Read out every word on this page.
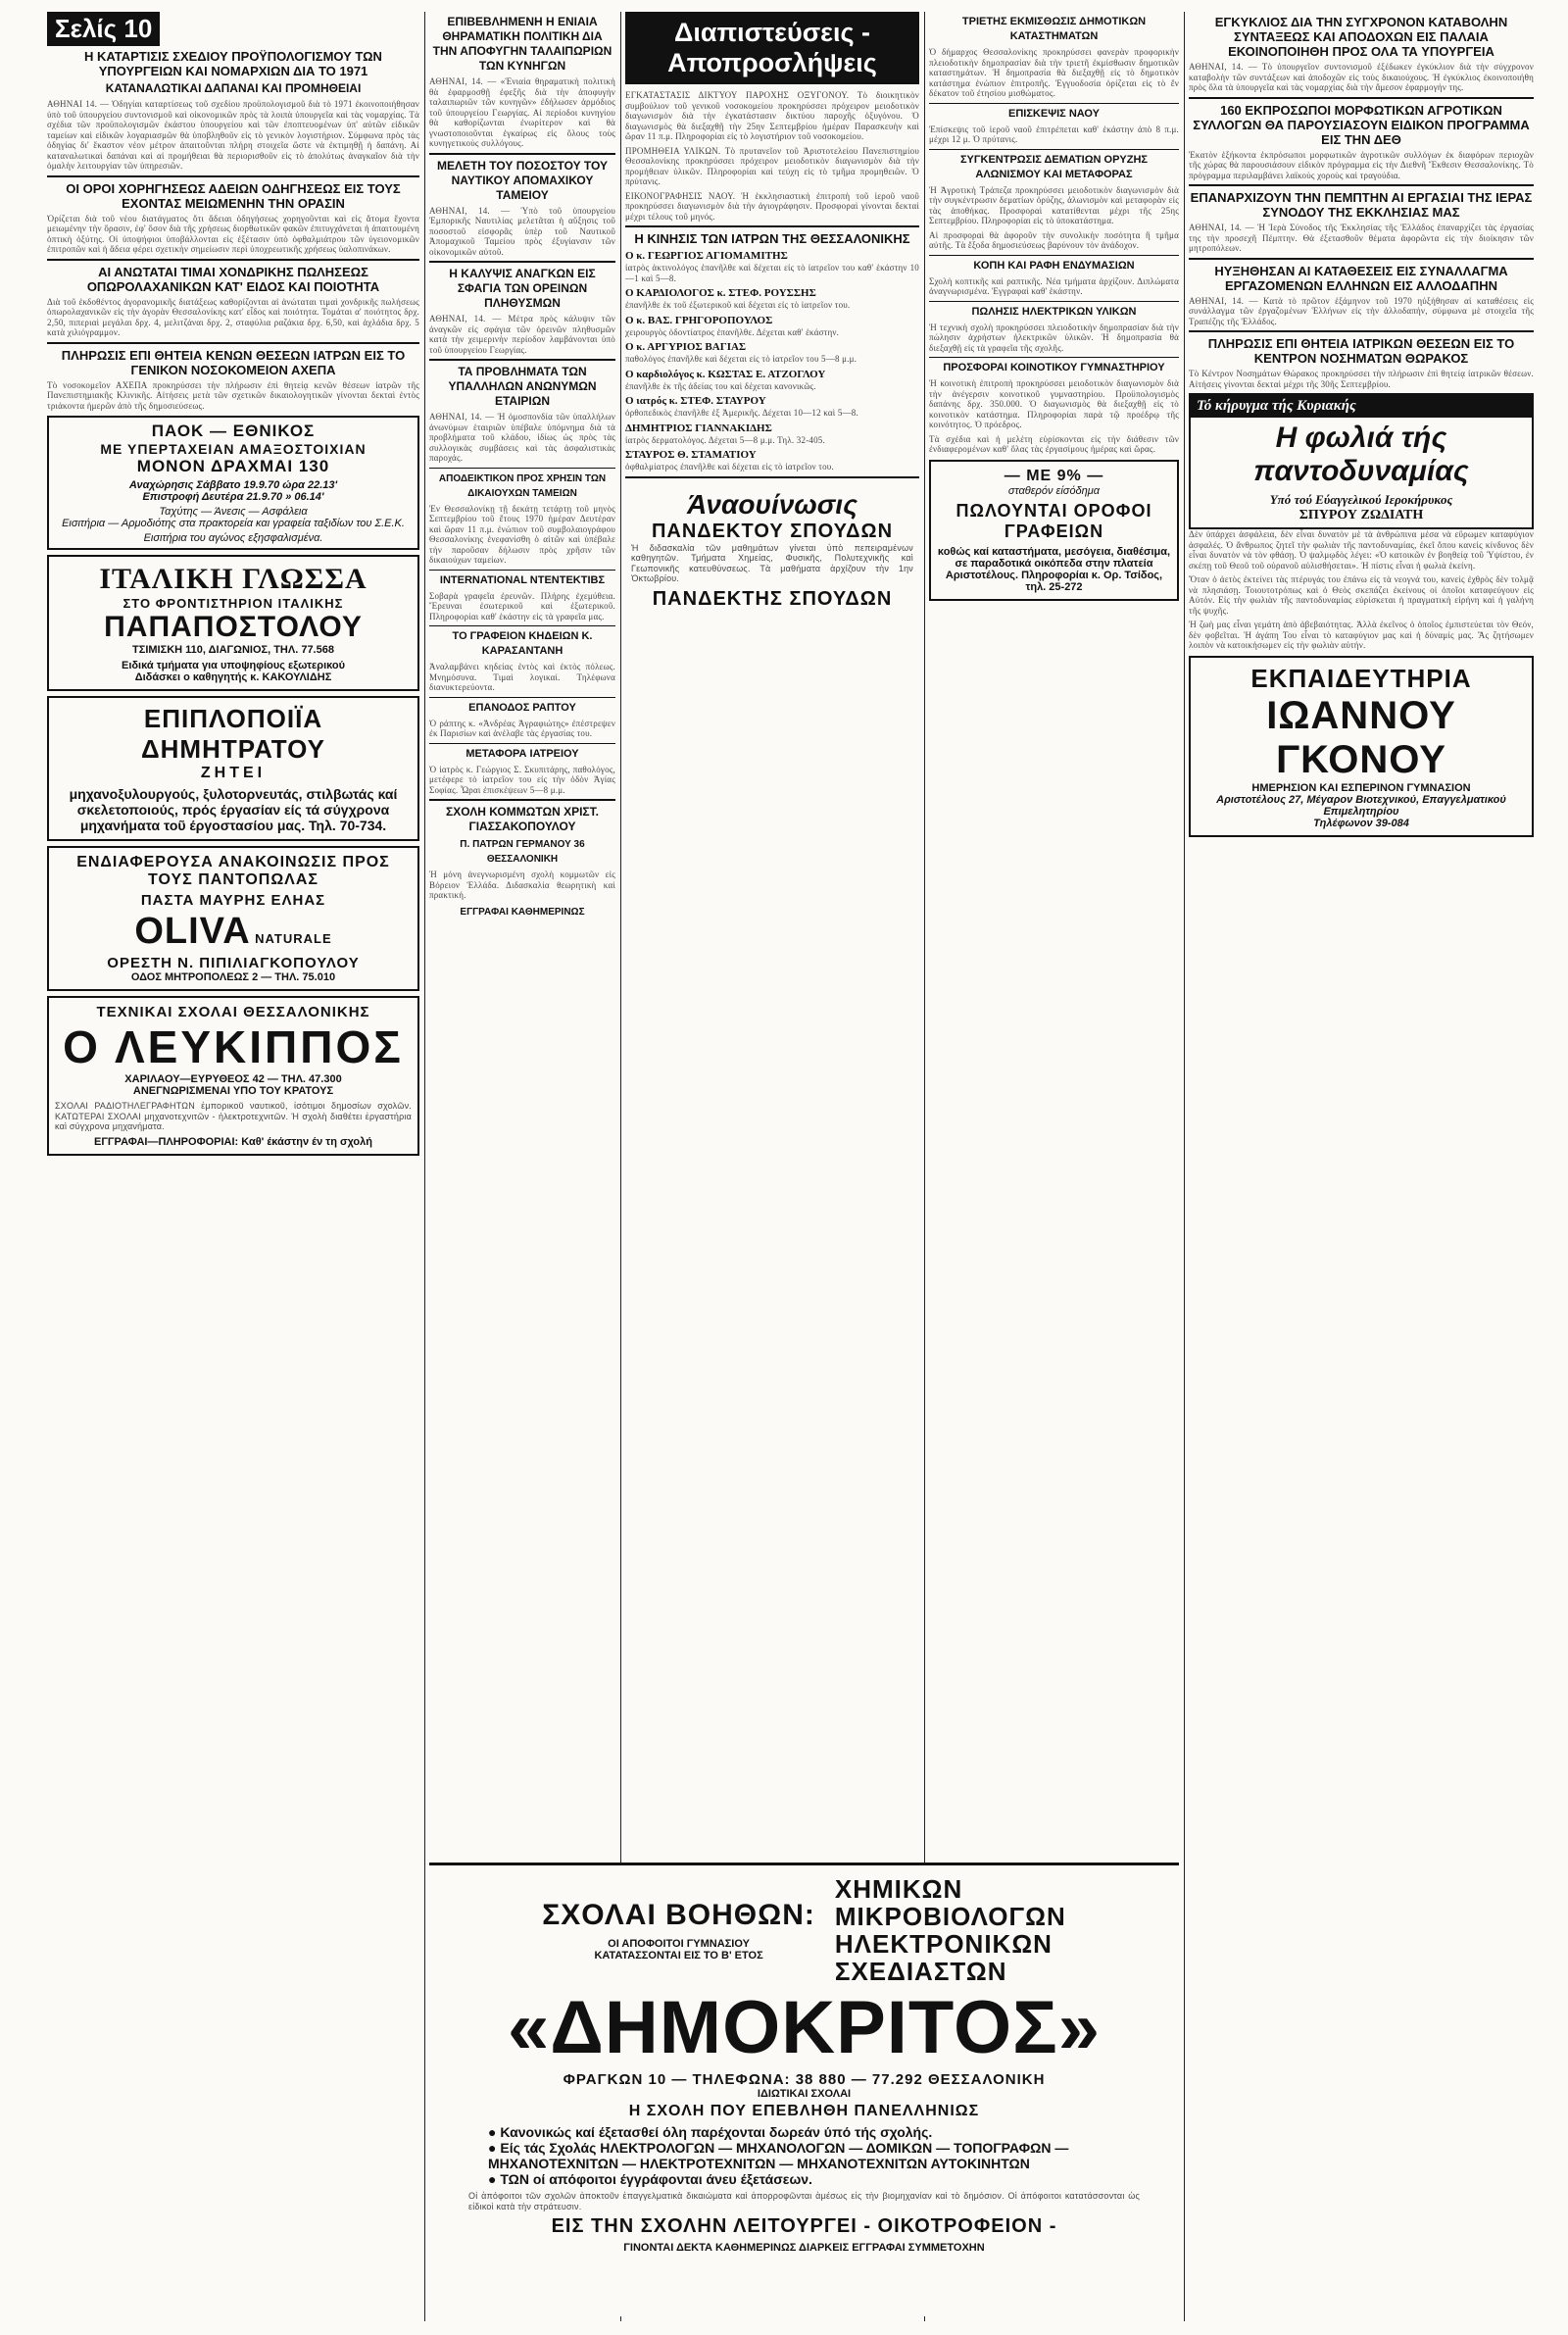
Σελίς 10
Η ΚΑΤΑΡΤΙΣΙΣ ΣΧΕΔΙΟΥ ΠΡΟΫΠΟΛΟΓΙΣΜΟΥ ΤΩΝ ΥΠΟΥΡΓΕΙΩΝ ΚΑΙ ΝΟΜΑΡΧΙΩΝ ΔΙΑ ΤΟ 1971
ΚΑΤΑΝΑΛΩΤΙΚΑΙ ΔΑΠΑΝΑΙ ΚΑΙ ΠΡΟΜΗΘΕΙΑΙ

ΑΘΗΝΑΙ 14. — Ὁδηγίαι καταρτίσεως τοῦ σχεδίου προϋπολογισμοῦ διὰ τὸ 1971 ἐκοινοποιήθησαν ὑπὸ τοῦ ὑπουργείου συντονισμοῦ καὶ οἰκονομικῶν πρὸς τὰ λοιπὰ ὑπουργεῖα καὶ τὰς νομαρχίας. Τὰ σχέδια τῶν προϋπολογισμῶν ἐκάστου ὑπουργείου καὶ τῶν ἐποπτευομένων ὑπ' αὐτῶν εἰδικῶν ταμείων καὶ εἰδικῶν λογαριασμῶν θὰ ὑποβληθοῦν εἰς τὸ γενικὸν λογιστήριον. Σύμφωνα πρὸς τὰς ὁδηγίας δι' ἕκαστον νέον μέτρον ἀπαιτοῦνται πλήρη στοιχεῖα ὥστε νὰ ἐκτιμηθῇ ἡ δαπάνη. Αἱ καταναλωτικαὶ δαπάναι καὶ αἱ προμήθειαι θὰ περιορισθοῦν εἰς τὸ ἀπολύτως ἀναγκαῖον διὰ τὴν ὁμαλὴν λειτουργίαν τῶν ὑπηρεσιῶν.

ΟΙ ΟΡΟΙ ΧΟΡΗΓΗΣΕΩΣ ΑΔΕΙΩΝ ΟΔΗΓΗΣΕΩΣ ΕΙΣ ΤΟΥΣ ΕΧΟΝΤΑΣ ΜΕΙΩΜΕΝΗΝ ΤΗΝ ΟΡΑΣΙΝ

Ὁρίζεται διὰ τοῦ νέου διατάγματος ὅτι ἄδειαι ὁδηγήσεως χορηγοῦνται καὶ εἰς ἄτομα ἔχοντα μειωμένην τὴν ὅρασιν, ἐφ' ὅσον διὰ τῆς χρήσεως διορθωτικῶν φακῶν ἐπιτυγχάνεται ἡ ἀπαιτουμένη ὀπτικὴ ὀξύτης. Οἱ ὑποψήφιοι ὑποβάλλονται εἰς ἐξέτασιν ὑπὸ ὀφθαλμιάτρου τῶν ὑγειονομικῶν ἐπιτροπῶν καὶ ἡ ἄδεια φέρει σχετικὴν σημείωσιν περὶ ὑποχρεωτικῆς χρήσεως ὑαλοπινάκων.

ΑΙ ΑΝΩΤΑΤΑΙ ΤΙΜΑΙ ΧΟΝΔΡΙΚΗΣ ΠΩΛΗΣΕΩΣ ΟΠΩΡΟΛΑΧΑΝΙΚΩΝ ΚΑΤ' ΕΙΔΟΣ ΚΑΙ ΠΟΙΟΤΗΤΑ

Διὰ τοῦ ἐκδοθέντος ἀγορανομικῆς διατάξεως καθορίζονται αἱ ἀνώταται τιμαὶ χονδρικῆς πωλήσεως ὀπωρολαχανικῶν εἰς τὴν ἀγορὰν Θεσσαλονίκης κατ' εἶδος καὶ ποιότητα. Τομάται α' ποιότητος δρχ. 2,50, πιπεριαὶ μεγάλαι δρχ. 4, μελιτζάναι δρχ. 2, σταφύλια ραζάκια δρχ. 6,50, καὶ ἀχλάδια δρχ. 5 κατὰ χιλιόγραμμον.

ΠΛΗΡΩΣΙΣ ΕΠΙ ΘΗΤΕΙΑ ΚΕΝΩΝ ΘΕΣΕΩΝ ΙΑΤΡΩΝ ΕΙΣ ΤΟ ΓΕΝΙΚΟΝ ΝΟΣΟΚΟΜΕΙΟΝ ΑΧΕΠΑ

Τὸ νοσοκομεῖον ΑΧΕΠΑ προκηρύσσει τὴν πλήρωσιν ἐπὶ θητείᾳ κενῶν θέσεων ἰατρῶν τῆς Πανεπιστημιακῆς Κλινικῆς. Αἰτήσεις μετὰ τῶν σχετικῶν δικαιολογητικῶν γίνονται δεκταὶ ἐντὸς τριάκοντα ἡμερῶν ἀπὸ τῆς δημοσιεύσεως.

ΠΑΟΚ — ΕΘΝΙΚΟΣ
ΜΕ ΥΠΕΡΤΑΧΕΙΑΝ ΑΜΑΞΟΣΤΟΙΧΙΑΝ
ΜΟΝΟΝ ΔΡΑΧΜΑΙ 130
Αναχώρησις Σάββατο 19.9.70 ώρα 22.13'
Επιστροφή Δευτέρα 21.9.70 » 06.14'
Ταχύτης — Άνεσις — Ασφάλεια
Εισιτήρια — Αρμοδιότης στα πρακτορεία και γραφεία ταξιδίων του Σ.Ε.Κ.
Εισιτήρια του αγώνος εξησφαλισμένα.
ΙΤΑΛΙΚΗ ΓΛΩΣΣΑ
ΣΤΟ ΦΡΟΝΤΙΣΤΗΡΙΟΝ ΙΤΑΛΙΚΗΣ
ΠΑΠΑΠΟΣΤΟΛΟΥ
ΤΣΙΜΙΣΚΗ 110, ΔΙΑΓΩΝΙΟΣ, ΤΗΛ. 77.568
Ειδικά τμήματα για υποψηφίους εξωτερικού
Διδάσκει ο καθηγητής κ. ΚΑΚΟΥΛΙΔΗΣ
ΕΠΙΠΛΟΠΟΙΪΑ ΔΗΜΗΤΡΑΤΟΥ
ΖΗΤΕΙ
μηχανοξυλουργούς, ξυλοτορνευτάς, στιλβωτάς καί σκελετοποιούς, πρός έργασίαν είς τά σύγχρονα μηχανήματα τοῦ έργοστασίου μας. Τηλ. 70-734.
ΕΝΔΙΑΦΕΡΟΥΣΑ ΑΝΑΚΟΙΝΩΣΙΣ ΠΡΟΣ ΤΟΥΣ ΠΑΝΤΟΠΩΛΑΣ
ΠΑΣΤΑ ΜΑΥΡΗΣ ΕΛΗΑΣ
OLIVA NATURALE
ΟΡΕΣΤΗ Ν. ΠΙΠΙΛΙΑΓΚΟΠΟΥΛΟΥ
ΟΔΟΣ ΜΗΤΡΟΠΟΛΕΩΣ 2 — ΤΗΛ. 75.010
ΤΕΧΝΙΚΑΙ ΣΧΟΛΑΙ ΘΕΣΣΑΛΟΝΙΚΗΣ
Ο ΛΕΥΚΙΠΠΟΣ
ΧΑΡΙΛΑΟΥ—ΕΥΡΥΘΕΟΣ 42 — ΤΗΛ. 47.300
ΑΝΕΓΝΩΡΙΣΜΕΝΑΙ ΥΠΟ ΤΟΥ ΚΡΑΤΟΥΣ

ΣΧΟΛΑΙ ΡΑΔΙΟΤΗΛΕΓΡΑΦΗΤΩΝ ἐμπορικοῦ ναυτικοῦ, ἰσότιμοι δημοσίων σχολῶν. ΚΑΤΩΤΕΡΑΙ ΣΧΟΛΑΙ μηχανοτεχνιτῶν - ἠλεκτροτεχνιτῶν. Ἡ σχολὴ διαθέτει ἐργαστήρια καὶ σύγχρονα μηχανήματα.

ΕΓΓΡΑΦΑΙ—ΠΛΗΡΟΦΟΡΙΑΙ: Καθ' έκάστην έν τη σχολή
ΕΠΙΒΕΒΛΗΜΕΝΗ Η ΕΝΙΑΙΑ ΘΗΡΑΜΑΤΙΚΗ ΠΟΛΙΤΙΚΗ ΔΙΑ ΤΗΝ ΑΠΟΦΥΓΗΝ ΤΑΛΑΙΠΩΡΙΩΝ ΤΩΝ ΚΥΝΗΓΩΝ

ΑΘΗΝΑΙ, 14. — «Ἑνιαία θηραματικὴ πολιτικὴ θὰ ἐφαρμοσθῇ ἐφεξῆς διὰ τὴν ἀποφυγὴν ταλαιπωριῶν τῶν κυνηγῶν» ἐδήλωσεν ἁρμόδιος τοῦ ὑπουργείου Γεωργίας. Αἱ περίοδοι κυνηγίου θὰ καθορίζωνται ἐνωρίτερον καὶ θὰ γνωστοποιοῦνται ἐγκαίρως εἰς ὅλους τοὺς κυνηγετικοὺς συλλόγους.

ΜΕΛΕΤΗ ΤΟΥ ΠΟΣΟΣΤΟΥ ΤΟΥ ΝΑΥΤΙΚΟΥ ΑΠΟΜΑΧΙΚΟΥ ΤΑΜΕΙΟΥ

ΑΘΗΝΑΙ, 14. — Ὑπὸ τοῦ ὑπουργείου Ἐμπορικῆς Ναυτιλίας μελετᾶται ἡ αὔξησις τοῦ ποσοστοῦ εἰσφορᾶς ὑπὲρ τοῦ Ναυτικοῦ Ἀπομαχικοῦ Ταμείου πρὸς ἐξυγίανσιν τῶν οἰκονομικῶν αὐτοῦ.

Η ΚΑΛΥΨΙΣ ΑΝΑΓΚΩΝ ΕΙΣ ΣΦΑΓΙΑ ΤΩΝ ΟΡΕΙΝΩΝ ΠΛΗΘΥΣΜΩΝ

ΑΘΗΝΑΙ, 14. — Μέτρα πρὸς κάλυψιν τῶν ἀναγκῶν εἰς σφάγια τῶν ὀρεινῶν πληθυσμῶν κατὰ τὴν χειμερινὴν περίοδον λαμβάνονται ὑπὸ τοῦ ὑπουργείου Γεωργίας.

ΤΑ ΠΡΟΒΛΗΜΑΤΑ ΤΩΝ ΥΠΑΛΛΗΛΩΝ ΑΝΩΝΥΜΩΝ ΕΤΑΙΡΙΩΝ

ΑΘΗΝΑΙ, 14. — Ἡ ὁμοσπονδία τῶν ὑπαλλήλων ἀνωνύμων ἑταιριῶν ὑπέβαλε ὑπόμνημα διὰ τὰ προβλήματα τοῦ κλάδου, ἰδίως ὡς πρὸς τὰς συλλογικὰς συμβάσεις καὶ τὰς ἀσφαλιστικὰς παροχάς.

ΑΠΟΔΕΙΚΤΙΚΟΝ ΠΡΟΣ ΧΡΗΣΙΝ ΤΩΝ ΔΙΚΑΙΟΥΧΩΝ ΤΑΜΕΙΩΝ

Ἐν Θεσσαλονίκῃ τῇ δεκάτῃ τετάρτῃ τοῦ μηνὸς Σεπτεμβρίου τοῦ ἔτους 1970 ἡμέραν Δευτέραν καὶ ὥραν 11 π.μ. ἐνώπιον τοῦ συμβολαιογράφου Θεσσαλονίκης ἐνεφανίσθη ὁ αἰτῶν καὶ ὑπέβαλε τὴν παροῦσαν δήλωσιν πρὸς χρῆσιν τῶν δικαιούχων ταμείων.

INTERNATIONAL ΝΤΕΝΤΕΚΤΙΒΣ

Σοβαρὰ γραφεῖα ἐρευνῶν. Πλήρης ἐχεμύθεια. Ἔρευναι ἐσωτερικοῦ καὶ ἐξωτερικοῦ. Πληροφορίαι καθ' ἑκάστην εἰς τὰ γραφεῖα μας.

ΤΟ ΓΡΑΦΕΙΟΝ ΚΗΔΕΙΩΝ Κ. ΚΑΡΑΣΑΝΤΑΝΗ

Ἀναλαμβάνει κηδείας ἐντὸς καὶ ἐκτὸς πόλεως. Μνημόσυνα. Τιμαὶ λογικαί. Τηλέφωνα διανυκτερεύοντα.

ΕΠΑΝΟΔΟΣ ΡΑΠΤΟΥ

Ὁ ράπτης κ. «Ἀνδρέας Ἀγραφιώτης» ἐπέστρεψεν ἐκ Παρισίων καὶ ἀνέλαβε τὰς ἐργασίας του.

ΜΕΤΑΦΟΡΑ ΙΑΤΡΕΙΟΥ

Ὁ ἰατρὸς κ. Γεώργιος Σ. Σκυπιτάρης, παθολόγος, μετέφερε τὸ ἰατρεῖον του εἰς τὴν ὁδὸν Ἁγίας Σοφίας. Ὧραι ἐπισκέψεων 5—8 μ.μ.

ΣΧΟΛΗ ΚΟΜΜΩΤΩΝ ΧΡΙΣΤ. ΓΙΑΣΣΑΚΟΠΟΥΛΟΥ
Π. ΠΑΤΡΩΝ ΓΕΡΜΑΝΟΥ 36 ΘΕΣΣΑΛΟΝΙΚΗ

Ἡ μόνη ἀνεγνωρισμένη σχολὴ κομμωτῶν εἰς Βόρειον Ἑλλάδα. Διδασκαλία θεωρητικὴ καὶ πρακτική.

ΕΓΓΡΑΦΑΙ ΚΑΘΗΜΕΡΙΝΩΣ
Διαπιστεύσεις - Αποπροσλήψεις

ΕΓΚΑΤΑΣΤΑΣΙΣ ΔΙΚΤΥΟΥ ΠΑΡΟΧΗΣ ΟΞΥΓΟΝΟΥ. Τὸ διοικητικὸν συμβούλιον τοῦ γενικοῦ νοσοκομείου προκηρύσσει πρόχειρον μειοδοτικὸν διαγωνισμὸν διὰ τὴν ἐγκατάστασιν δικτύου παροχῆς ὀξυγόνου. Ὁ διαγωνισμὸς θὰ διεξαχθῇ τὴν 25ην Σεπτεμβρίου ἡμέραν Παρασκευὴν καὶ ὥραν 11 π.μ. Πληροφορίαι εἰς τὸ λογιστήριον τοῦ νοσοκομείου.

ΠΡΟΜΗΘΕΙΑ ΥΛΙΚΩΝ. Τὸ πρυτανεῖον τοῦ Ἀριστοτελείου Πανεπιστημίου Θεσσαλονίκης προκηρύσσει πρόχειρον μειοδοτικὸν διαγωνισμὸν διὰ τὴν προμήθειαν ὑλικῶν. Πληροφορίαι καὶ τεύχη εἰς τὸ τμῆμα προμηθειῶν. Ὁ πρύτανις.

ΕΙΚΟΝΟΓΡΑΦΗΣΙΣ ΝΑΟΥ. Ἡ ἐκκλησιαστικὴ ἐπιτροπὴ τοῦ ἱεροῦ ναοῦ προκηρύσσει διαγωνισμὸν διὰ τὴν ἁγιογράφησιν. Προσφοραὶ γίνονται δεκταὶ μέχρι τέλους τοῦ μηνός.

Η ΚΙΝΗΣΙΣ ΤΩΝ ΙΑΤΡΩΝ ΤΗΣ ΘΕΣΣΑΛΟΝΙΚΗΣ
Ο κ. ΓΕΩΡΓΙΟΣ ΑΓΙΟΜΑΜΙΤΗΣ

ἰατρὸς ἀκτινολόγος ἐπανῆλθε καὶ δέχεται εἰς τὸ ἰατρεῖον του καθ' ἑκάστην 10—1 καὶ 5—8.

Ο ΚΑΡΔΙΟΛΟΓΟΣ κ. ΣΤΕΦ. ΡΟΥΣΣΗΣ

ἐπανῆλθε ἐκ τοῦ ἐξωτερικοῦ καὶ δέχεται εἰς τὸ ἰατρεῖον του.

Ο κ. ΒΑΣ. ΓΡΗΓΟΡΟΠΟΥΛΟΣ

χειρουργὸς ὀδοντίατρος ἐπανῆλθε. Δέχεται καθ' ἑκάστην.

Ο κ. ΑΡΓΥΡΙΟΣ ΒΑΓΙΑΣ

παθολόγος ἐπανῆλθε καὶ δέχεται εἰς τὸ ἰατρεῖον του 5—8 μ.μ.

Ο καρδιολόγος κ. ΚΩΣΤΑΣ Ε. ΑΤΖΟΓΛΟΥ

ἐπανῆλθε ἐκ τῆς ἀδείας του καὶ δέχεται κανονικῶς.

Ο ιατρός κ. ΣΤΕΦ. ΣΤΑΥΡΟΥ

ὀρθοπεδικὸς ἐπανῆλθε ἐξ Ἀμερικῆς. Δέχεται 10—12 καὶ 5—8.

ΔΗΜΗΤΡΙΟΣ ΓΙΑΝΝΑΚΙΔΗΣ

ἰατρὸς δερματολόγος. Δέχεται 5—8 μ.μ. Τηλ. 32-405.

ΣΤΑΥΡΟΣ Θ. ΣΤΑΜΑΤΙΟΥ

ὀφθαλμίατρος ἐπανῆλθε καὶ δέχεται εἰς τὸ ἰατρεῖον του.

Άναουίνωσις
ΠΑΝΔΕΚΤΟΥ ΣΠΟΥΔΩΝ

Ἡ διδασκαλία τῶν μαθημάτων γίνεται ὑπὸ πεπειραμένων καθηγητῶν. Τμήματα Χημείας, Φυσικῆς, Πολυτεχνικῆς καὶ Γεωπονικῆς κατευθύνσεως. Τὰ μαθήματα ἀρχίζουν τὴν 1ην Ὀκτωβρίου.

ΠΑΝΔΕΚΤΗΣ ΣΠΟΥΔΩΝ
ΤΡΙΕΤΗΣ ΕΚΜΙΣΘΩΣΙΣ ΔΗΜΟΤΙΚΩΝ ΚΑΤΑΣΤΗΜΑΤΩΝ

Ὁ δήμαρχος Θεσσαλονίκης προκηρύσσει φανερὰν προφορικὴν πλειοδοτικὴν δημοπρασίαν διὰ τὴν τριετῆ ἐκμίσθωσιν δημοτικῶν καταστημάτων. Ἡ δημοπρασία θὰ διεξαχθῇ εἰς τὸ δημοτικὸν κατάστημα ἐνώπιον ἐπιτροπῆς. Ἐγγυοδοσία ὁρίζεται εἰς τὸ ἕν δέκατον τοῦ ἐτησίου μισθώματος.

ΕΠΙΣΚΕΨΙΣ ΝΑΟΥ

Ἐπίσκεψις τοῦ ἱεροῦ ναοῦ ἐπιτρέπεται καθ' ἑκάστην ἀπὸ 8 π.μ. μέχρι 12 μ. Ὁ πρύτανις.

ΣΥΓΚΕΝΤΡΩΣΙΣ ΔΕΜΑΤΙΩΝ ΟΡΥΖΗΣ ΑΛΩΝΙΣΜΟΥ ΚΑΙ ΜΕΤΑΦΟΡΑΣ

Ἡ Ἀγροτικὴ Τράπεζα προκηρύσσει μειοδοτικὸν διαγωνισμὸν διὰ τὴν συγκέντρωσιν δεματίων ὀρύζης, ἀλωνισμὸν καὶ μεταφορὰν εἰς τὰς ἀποθήκας. Προσφοραὶ κατατίθενται μέχρι τῆς 25ης Σεπτεμβρίου. Πληροφορίαι εἰς τὸ ὑποκατάστημα.

Αἱ προσφοραὶ θὰ ἀφοροῦν τὴν συνολικὴν ποσότητα ἢ τμῆμα αὐτῆς. Τὰ ἔξοδα δημοσιεύσεως βαρύνουν τὸν ἀνάδοχον.

ΚΟΠΗ ΚΑΙ ΡΑΦΗ ΕΝΔΥΜΑΣΙΩΝ

Σχολὴ κοπτικῆς καὶ ραπτικῆς. Νέα τμήματα ἀρχίζουν. Διπλώματα ἀναγνωρισμένα. Ἐγγραφαὶ καθ' ἑκάστην.

ΠΩΛΗΣΙΣ ΗΛΕΚΤΡΙΚΩΝ ΥΛΙΚΩΝ

Ἡ τεχνικὴ σχολὴ προκηρύσσει πλειοδοτικὴν δημοπρασίαν διὰ τὴν πώλησιν ἀχρήστων ἠλεκτρικῶν ὑλικῶν. Ἡ δημοπρασία θὰ διεξαχθῇ εἰς τὰ γραφεῖα τῆς σχολῆς.

ΠΡΟΣΦΟΡΑΙ ΚΟΙΝΟΤΙΚΟΥ ΓΥΜΝΑΣΤΗΡΙΟΥ

Ἡ κοινοτικὴ ἐπιτροπὴ προκηρύσσει μειοδοτικὸν διαγωνισμὸν διὰ τὴν ἀνέγερσιν κοινοτικοῦ γυμναστηρίου. Προϋπολογισμὸς δαπάνης δρχ. 350.000. Ὁ διαγωνισμὸς θὰ διεξαχθῇ εἰς τὸ κοινοτικὸν κατάστημα. Πληροφορίαι παρὰ τῷ προέδρῳ τῆς κοινότητος. Ὁ πρόεδρος.

Τὰ σχέδια καὶ ἡ μελέτη εὑρίσκονται εἰς τὴν διάθεσιν τῶν ἐνδιαφερομένων καθ' ὅλας τὰς ἐργασίμους ἡμέρας καὶ ὥρας.

— ΜΕ 9% —
σταθερόν είσόδημα
ΠΩΛΟΥΝΤΑΙ ΟΡΟΦΟΙ ΓΡΑΦΕΙΩΝ
κοθώς καί καταστήματα, μεσόγεια, διαθέσιμα, σε παραδοτικά οικόπεδα στην πλατεία Αριστοτέλους. Πληροφορίαι κ. Ορ. Τσίδος, τηλ. 25-272
ΕΓΚΥΚΛΙΟΣ ΔΙΑ ΤΗΝ ΣΥΓΧΡΟΝΟΝ ΚΑΤΑΒΟΛΗΝ ΣΥΝΤΑΞΕΩΣ ΚΑΙ ΑΠΟΔΟΧΩΝ ΕΙΣ ΠΑΛΑΙΑ ΕΚΟΙΝΟΠΟΙΗΘΗ ΠΡΟΣ ΟΛΑ ΤΑ ΥΠΟΥΡΓΕΙΑ

ΑΘΗΝΑΙ, 14. — Τὸ ὑπουργεῖον συντονισμοῦ ἐξέδωκεν ἐγκύκλιον διὰ τὴν σύγχρονον καταβολὴν τῶν συντάξεων καὶ ἀποδοχῶν εἰς τοὺς δικαιούχους. Ἡ ἐγκύκλιος ἐκοινοποιήθη πρὸς ὅλα τὰ ὑπουργεῖα καὶ τὰς νομαρχίας διὰ τὴν ἄμεσον ἐφαρμογήν της.

160 ΕΚΠΡΟΣΩΠΟΙ ΜΟΡΦΩΤΙΚΩΝ ΑΓΡΟΤΙΚΩΝ ΣΥΛΛΟΓΩΝ ΘΑ ΠΑΡΟΥΣΙΑΣΟΥΝ ΕΙΔΙΚΟΝ ΠΡΟΓΡΑΜΜΑ ΕΙΣ ΤΗΝ ΔΕΘ

Ἑκατὸν ἑξήκοντα ἐκπρόσωποι μορφωτικῶν ἀγροτικῶν συλλόγων ἐκ διαφόρων περιοχῶν τῆς χώρας θὰ παρουσιάσουν εἰδικὸν πρόγραμμα εἰς τὴν Διεθνῆ Ἔκθεσιν Θεσσαλονίκης. Τὸ πρόγραμμα περιλαμβάνει λαϊκοὺς χοροὺς καὶ τραγούδια.

ΕΠΑΝΑΡΧΙΖΟΥΝ ΤΗΝ ΠΕΜΠΤΗΝ ΑΙ ΕΡΓΑΣΙΑΙ ΤΗΣ ΙΕΡΑΣ ΣΥΝΟΔΟΥ ΤΗΣ ΕΚΚΛΗΣΙΑΣ ΜΑΣ

ΑΘΗΝΑΙ, 14. — Ἡ Ἱερὰ Σύνοδος τῆς Ἐκκλησίας τῆς Ἑλλάδος ἐπαναρχίζει τὰς ἐργασίας της τὴν προσεχῆ Πέμπτην. Θὰ ἐξετασθοῦν θέματα ἀφορῶντα εἰς τὴν διοίκησιν τῶν μητροπόλεων.

ΗΥΞΗΘΗΣΑΝ ΑΙ ΚΑΤΑΘΕΣΕΙΣ ΕΙΣ ΣΥΝΑΛΛΑΓΜΑ ΕΡΓΑΖΟΜΕΝΩΝ ΕΛΛΗΝΩΝ ΕΙΣ ΑΛΛΟΔΑΠΗΝ

ΑΘΗΝΑΙ, 14. — Κατὰ τὸ πρῶτον ἑξάμηνον τοῦ 1970 ηὐξήθησαν αἱ καταθέσεις εἰς συνάλλαγμα τῶν ἐργαζομένων Ἑλλήνων εἰς τὴν ἀλλοδαπήν, σύμφωνα μὲ στοιχεῖα τῆς Τραπέζης τῆς Ἑλλάδος.

ΠΛΗΡΩΣΙΣ ΕΠΙ ΘΗΤΕΙΑ ΙΑΤΡΙΚΩΝ ΘΕΣΕΩΝ ΕΙΣ ΤΟ ΚΕΝΤΡΟΝ ΝΟΣΗΜΑΤΩΝ ΘΩΡΑΚΟΣ

Τὸ Κέντρον Νοσημάτων Θώρακος προκηρύσσει τὴν πλήρωσιν ἐπὶ θητείᾳ ἰατρικῶν θέσεων. Αἰτήσεις γίνονται δεκταὶ μέχρι τῆς 30ῆς Σεπτεμβρίου.

Τό κήρυγμα τής Κυριακής
Η φωλιά τής παντοδυναμίας
Υπό τού Εύαγγελικού Ιεροκήρυκος
ΣΠΥΡΟΥ ΖΩΔΙΑΤΗ

Δὲν ὑπάρχει ἀσφάλεια, δὲν εἶναι δυνατὸν μὲ τὰ ἀνθρώπινα μέσα νὰ εὕρωμεν καταφύγιον ἀσφαλές. Ὁ ἄνθρωπος ζητεῖ τὴν φωλιὰν τῆς παντοδυναμίας, ἐκεῖ ὅπου κανεὶς κίνδυνος δὲν εἶναι δυνατὸν νὰ τὸν φθάσῃ. Ὁ ψαλμῳδὸς λέγει: «Ὁ κατοικῶν ἐν βοηθείᾳ τοῦ Ὑψίστου, ἐν σκέπῃ τοῦ Θεοῦ τοῦ οὐρανοῦ αὐλισθήσεται». Ἡ πίστις εἶναι ἡ φωλιὰ ἐκείνη.

Ὅταν ὁ ἀετὸς ἐκτείνει τὰς πτέρυγάς του ἐπάνω εἰς τὰ νεογνά του, κανεὶς ἐχθρὸς δὲν τολμᾷ νὰ πλησιάσῃ. Τοιουτοτρόπως καὶ ὁ Θεὸς σκεπάζει ἐκείνους οἱ ὁποῖοι καταφεύγουν εἰς Αὐτόν. Εἰς τὴν φωλιὰν τῆς παντοδυναμίας εὑρίσκεται ἡ πραγματικὴ εἰρήνη καὶ ἡ γαλήνη τῆς ψυχῆς.

Ἡ ζωὴ μας εἶναι γεμάτη ἀπὸ ἀβεβαιότητας. Ἀλλὰ ἐκεῖνος ὁ ὁποῖος ἐμπιστεύεται τὸν Θεόν, δὲν φοβεῖται. Ἡ ἀγάπη Του εἶναι τὸ καταφύγιον μας καὶ ἡ δύναμίς μας. Ἂς ζητήσωμεν λοιπὸν νὰ κατοικήσωμεν εἰς τὴν φωλιὰν αὐτήν.

ΕΚΠΑΙΔΕΥΤΗΡΙΑ
ΙΩΑΝΝΟΥ ΓΚΟΝΟΥ
ΗΜΕΡΗΣΙΟΝ ΚΑΙ ΕΣΠΕΡΙΝΟΝ ΓΥΜΝΑΣΙΟΝ
Αριστοτέλους 27, Μέγαρον Βιοτεχνικού, Επαγγελματικού Επιμελητηρίου
Τηλέφωνον 39-084
ΣΧΟΛΑΙ ΒΟΗΘΩΝ:
ΟΙ ΑΠΟΦΟΙΤΟΙ ΓΥΜΝΑΣΙΟΥ
ΚΑΤΑΤΑΣΣΟΝΤΑΙ ΕΙΣ ΤΟ Β' ΕΤΟΣ
ΧΗΜΙΚΩΝ
ΜΙΚΡΟΒΙΟΛΟΓΩΝ
ΗΛΕΚΤΡΟΝΙΚΩΝ
ΣΧΕΔΙΑΣΤΩΝ
«ΔΗΜΟΚΡΙΤΟΣ»
ΦΡΑΓΚΩΝ 10 — ΤΗΛΕΦΩΝΑ: 38 880 — 77.292 ΘΕΣΣΑΛΟΝΙΚΗ
ΙΔΙΩΤΙΚΑΙ ΣΧΟΛΑΙ
Η ΣΧΟΛΗ ΠΟΥ ΕΠΕΒΛΗΘΗ ΠΑΝΕΛΛΗΝΙΩΣ
● Κανονικώς καί έξετασθεί όλη παρέχονται δωρεάν ύπό τής σχολής.
● Είς τάς Σχολάς ΗΛΕΚΤΡΟΛΟΓΩΝ — ΜΗΧΑΝΟΛΟΓΩΝ — ΔΟΜΙΚΩΝ — ΤΟΠΟΓΡΑΦΩΝ — ΜΗΧΑΝΟΤΕΧΝΙΤΩΝ — ΗΛΕΚΤΡΟΤΕΧΝΙΤΩΝ — ΜΗΧΑΝΟΤΕΧΝΙΤΩΝ ΑΥΤΟΚΙΝΗΤΩΝ
● ΤΩΝ οί απόφοιτοι έγγράφονται άνευ έξετάσεων.

Οἱ ἀπόφοιτοι τῶν σχολῶν ἀποκτοῦν ἐπαγγελματικὰ δικαιώματα καὶ ἀπορροφῶνται ἀμέσως εἰς τὴν βιομηχανίαν καὶ τὸ δημόσιον. Οἱ ἀπόφοιτοι κατατάσσονται ὡς εἰδικοὶ κατὰ τὴν στράτευσιν.

ΕΙΣ ΤΗΝ ΣΧΟΛΗΝ ΛΕΙΤΟΥΡΓΕΙ - ΟΙΚΟΤΡΟΦΕΙΟΝ -
ΓΙΝΟΝΤΑΙ ΔΕΚΤΑ ΚΑΘΗΜΕΡΙΝΩΣ ΔΙΑΡΚΕΙΣ ΕΓΓΡΑΦΑΙ ΣΥΜΜΕΤΟΧΗΝ
